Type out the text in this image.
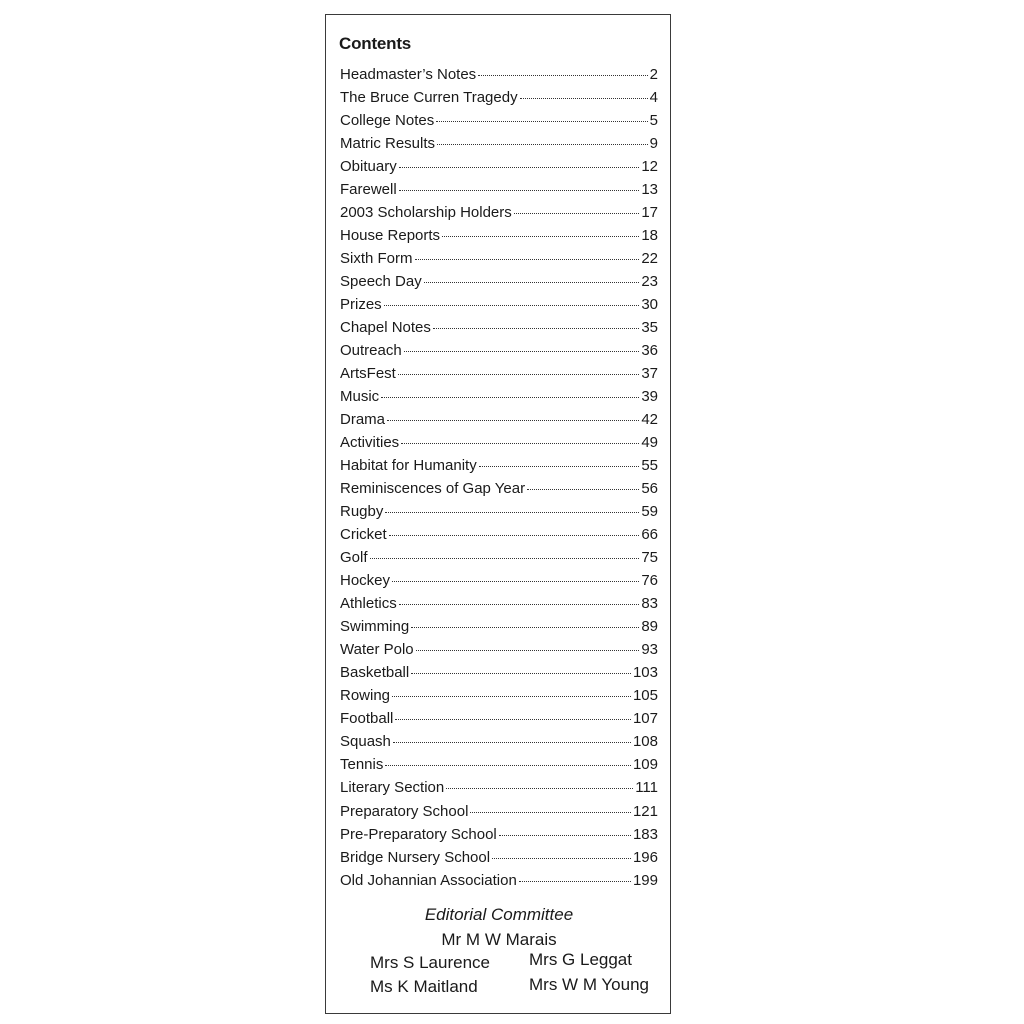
Contents
Headmaster’s Notes	2
The Bruce Curren Tragedy	4
College Notes	5
Matric Results	9
Obituary	12
Farewell	13
2003 Scholarship Holders	17
House Reports	18
Sixth Form	22
Speech Day	23
Prizes	30
Chapel Notes	35
Outreach	36
ArtsFest	37
Music	39
Drama	42
Activities	49
Habitat for Humanity	55
Reminiscences of Gap Year	56
Rugby	59
Cricket	66
Golf	75
Hockey	76
Athletics	83
Swimming	89
Water Polo	93
Basketball	103
Rowing	105
Football	107
Squash	108
Tennis	109
Literary Section	111
Preparatory School	121
Pre-Preparatory School	183
Bridge Nursery School	196
Old Johannian Association	199
Editorial Committee
Mr M W Marais
Mrs S Laurence Mrs G Leggat
Ms K Maitland	Mrs W M Young
